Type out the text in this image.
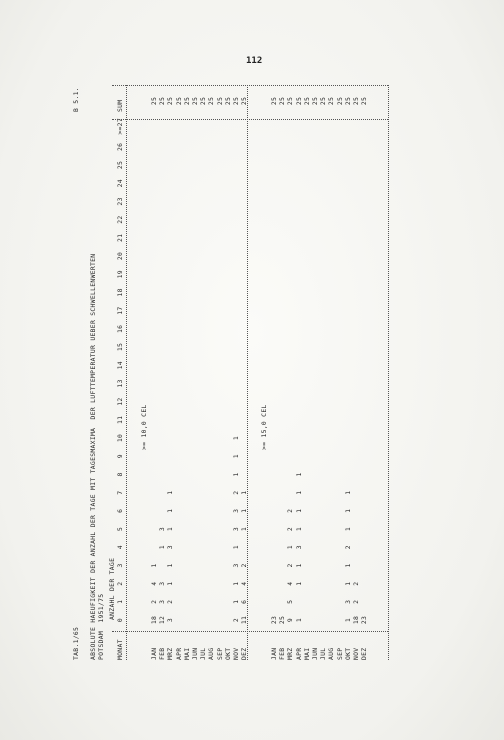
112
TAB.1/65
B 5.1.
ABSOLUTE HAEUFIGKEIT DER ANZAHL DER TAGE MIT TAGESMAXIMA  DER LUFTTEMPERATUR UEBER SCHWELLENWERTEN POTSDAM  1951/75
ANZAHL DER TAGE
MONAT
0
1
2
3
4
5
6
7
8
9
10
11
12
13
14
15
16
17
18
19
20
21
22
23
24
25
26
>=27
SUM
>= 10,0 CEL
JAN
18
2
4
1
25
FEB
12
3
3
1
3
25
MRZ
3
2
1
1
3
1
1
1
25
APR
25
MAI
25
JUN
25
JUL
25
AUG
25
SEP
25
OKT
25
NOV
2
1
1
3
1
3
3
2
1
1
1
25
DEZ
11
6
4
2
1
1
1
25
>= 15,0 CEL
JAN
23
25
FEB
25
25
MRZ
9
5
4
2
1
2
2
25
APR
1
1
1
3
1
1
1
1
25
MAI
25
JUN
25
JUL
25
AUG
25
SEP
25
OKT
1
3
1
1
2
1
1
1
25
NOV
18
2
2
25
DEZ
23
25
